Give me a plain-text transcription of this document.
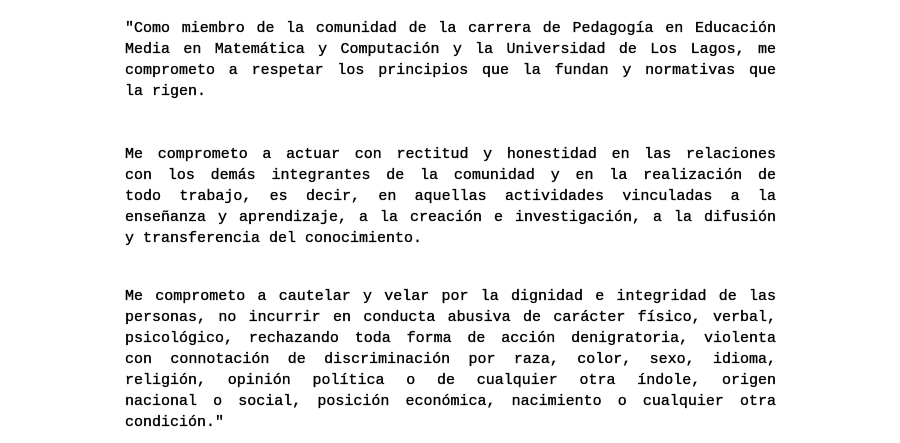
"Como miembro de la comunidad de la carrera de Pedagogía en Educación
Media en Matemática y Computación y la Universidad de Los Lagos, me
comprometo a respetar los principios que la fundan y normativas que
la rigen.

Me comprometo a actuar con rectitud y honestidad en las relaciones
con los demás integrantes de la comunidad y en la realización de
todo trabajo, es decir, en aquellas actividades vinculadas a la
enseñanza y aprendizaje, a la creación e investigación, a la difusión
y transferencia del conocimiento.

Me comprometo a cautelar y velar por la dignidad e integridad de las
personas, no incurrir en conducta abusiva de carácter físico, verbal,
psicológico, rechazando toda forma de acción denigratoria, violenta
con connotación de discriminación por raza, color, sexo, idioma,
religión, opinión política o de cualquier otra índole, origen
nacional o social, posición económica, nacimiento o cualquier otra
condición."
